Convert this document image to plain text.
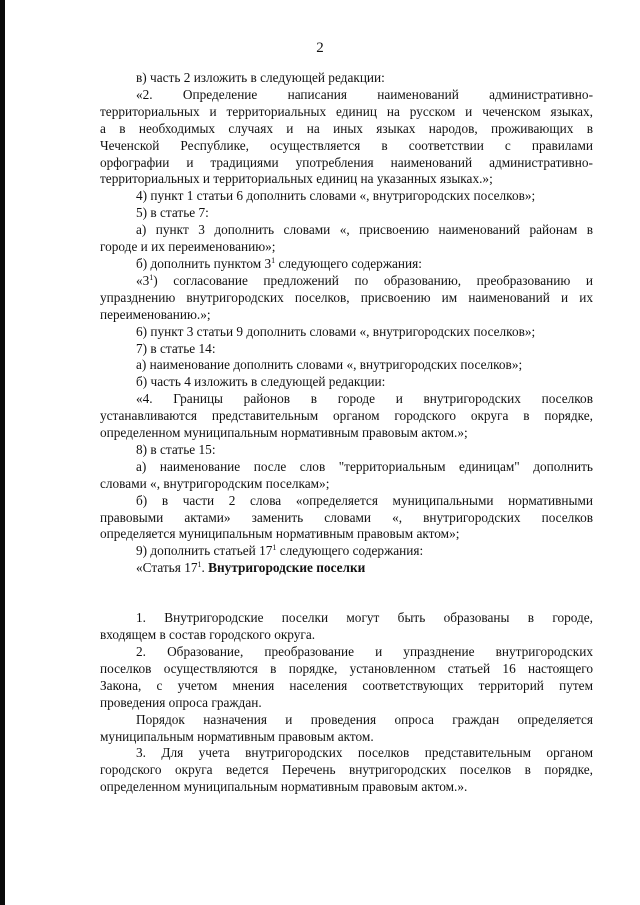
2

в) часть 2 изложить в следующей редакции:

«2. Определение написания наименований административно-

территориальных и территориальных единиц на русском и чеченском языках,

а в необходимых случаях и на иных языках народов, проживающих в

Чеченской Республике, осуществляется в соответствии с правилами

орфографии и традициями употребления наименований административно-

территориальных и территориальных единиц на указанных языках.»;

4) пункт 1 статьи 6 дополнить словами «, внутригородских поселков»;

5) в статье 7:

а) пункт 3 дополнить словами «, присвоению наименований районам в

городе и их переименованию»;

б) дополнить пунктом $3^1$ следующего содержания:

«$3^1$) согласование предложений по образованию, преобразованию и

упразднению внутригородских поселков, присвоению им наименований и их

переименованию.»;

6) пункт 3 статьи 9 дополнить словами «, внутригородских поселков»;

7) в статье 14:

а) наименование дополнить словами «, внутригородских поселков»;

б) часть 4 изложить в следующей редакции:

«4. Границы районов в городе и внутригородских поселков

устанавливаются представительным органом городского округа в порядке,

определенном муниципальным нормативным правовым актом.»;

8) в статье 15:

а) наименование после слов "территориальным единицам" дополнить

словами «, внутригородским поселкам»;

б) в части 2 слова «определяется муниципальными нормативными

правовыми актами» заменить словами «, внутригородских поселков

определяется муниципальным нормативным правовым актом»;

9) дополнить статьей $17^1$ следующего содержания:

«Статья $17^1$. Внутригородские поселки

1. Внутригородские поселки могут быть образованы в городе,

входящем в состав городского округа.

2. Образование, преобразование и упразднение внутригородских

поселков осуществляются в порядке, установленном статьей 16 настоящего

Закона, с учетом мнения населения соответствующих территорий путем

проведения опроса граждан.

Порядок назначения и проведения опроса граждан определяется

муниципальным нормативным правовым актом.

3. Для учета внутригородских поселков представительным органом

городского округа ведется Перечень внутригородских поселков в порядке,

определенном муниципальным нормативным правовым актом.».
